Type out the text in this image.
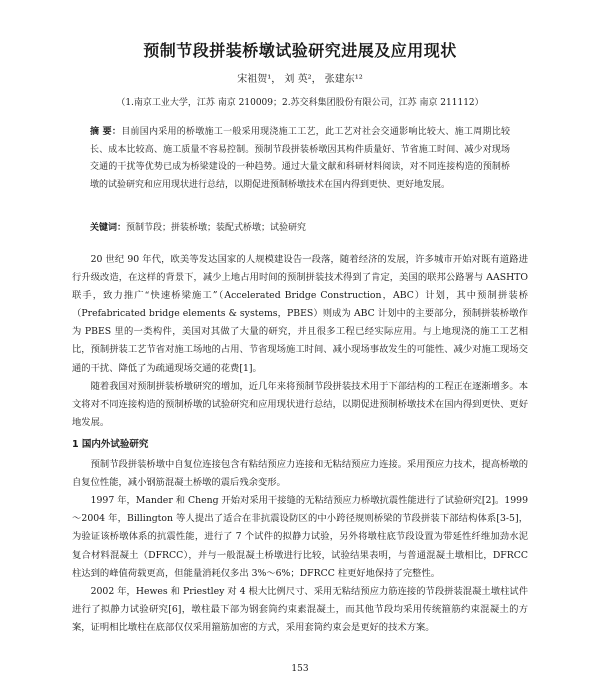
预制节段拼装桥墩试验研究进展及应用现状
宋祖贺¹， 刘 英²， 张建东¹²
（1.南京工业大学，江苏 南京 210009；2.苏交科集团股份有限公司，江苏 南京 211112）
摘 要：目前国内采用的桥墩施工一般采用现浇施工工艺，此工艺对社会交通影响比较大、施工周期比较长、成本比较高、施工质量不容易控制。预制节段拼装桥墩因其构件质量好、节省施工时间、减少对现场交通的干扰等优势已成为桥梁建设的一种趋势。通过大量文献和科研材料阅读，对不同连接构造的预制桥墩的试验研究和应用现状进行总结，以期促进预制桥墩技术在国内得到更快、更好地发展。
关键词：预制节段；拼装桥墩；装配式桥墩；试验研究

20 世纪 90 年代，欧美等发达国家的人规模建设告一段落，随着经济的发展，许多城市开始对既有道路进行升级改造，在这样的背景下，减少上地占用时间的预制拼装技术得到了肯定，美国的联邦公路署与 AASHTO 联手，致力推广“快速桥梁施工”（Accelerated Bridge Construction，ABC）计划，其中预制拼装桥（Prefabricated bridge elements & systems，PBES）则成为 ABC 计划中的主要部分，预制拼装桥墩作为 PBES 里的一类构件，美国对其做了大量的研究，并且很多工程已经实际应用。与上地现浇的施工工艺相比，预制拼装工艺节省对施工场地的占用、节省现场施工时间、减小现场事故发生的可能性、减少对施工现场交通的干扰、降低了为疏通现场交通的花费[1]。

随着我国对预制拼装桥墩研究的增加，近几年来将预制节段拼装技术用于下部结构的工程正在逐渐增多。本文将对不同连接构造的预制桥墩的试验研究和应用现状进行总结，以期促进预制桥墩技术在国内得到更快、更好地发展。

1 国内外试验研究

预制节段拼装桥墩中自复位连接包含有粘结预应力连接和无粘结预应力连接。采用预应力技术，提高桥墩的自复位性能，减小钢筋混凝土桥墩的震后残余变形。

1997 年，Mander 和 Cheng 开始对采用干接缝的无粘结预应力桥墩抗震性能进行了试验研究[2]。1999～2004 年，Billington 等人提出了适合在非抗震设防区的中小跨径规则桥梁的节段拼装下部结构体系[3-5]，为验证该桥墩体系的抗震性能，进行了 7 个试件的拟静力试验，另外将墩柱底节段设置为带延性纤维加劲水泥复合材料混凝土（DFRCC），并与一般混凝土桥墩进行比较，试验结果表明，与普通混凝土墩相比，DFRCC 柱达到的峰值荷载更高，但能量消耗仅多出 3%～6%；DFRCC 柱更好地保持了完整性。

2002 年，Hewes 和 Priestley 对 4 根大比例尺寸、采用无粘结预应力筋连接的节段拼装混凝土墩柱试件进行了拟静力试验研究[6]，墩柱最下部为钢套筒约束素混凝土，而其他节段均采用传统箍筋约束混凝土的方案，证明相比墩柱在底部仅仅采用箍筋加密的方式，采用套筒约束会是更好的技术方案。

153
